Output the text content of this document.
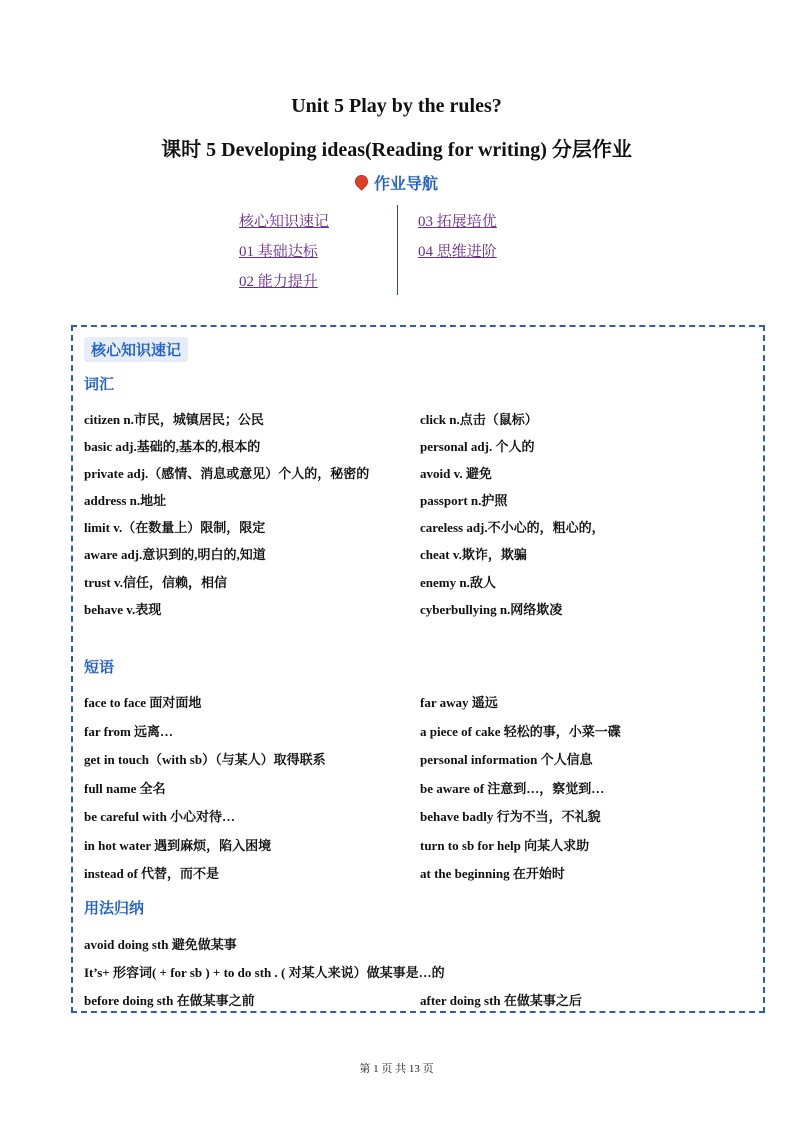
Unit 5 Play by the rules?
课时 5 Developing ideas(Reading for writing) 分层作业
作业导航
核心知识速记
01 基础达标
02 能力提升
03 拓展培优
04 思维进阶
核心知识速记
词汇
citizen n.市民，城镇居民；公民
basic adj.基础的,基本的,根本的
private adj.（感情、消息或意见）个人的，秘密的
address n.地址
limit v.（在数量上）限制，限定
aware adj.意识到的,明白的,知道
trust v.信任，信赖，相信
behave v.表现
click n.点击（鼠标）
personal adj. 个人的
avoid v. 避免
passport n.护照
careless adj.不小心的，粗心的，
cheat v.欺诈，欺骗
enemy n.敌人
cyberbullying n.网络欺凌
短语
face to face 面对面地
far from 远离…
get in touch（with sb）（与某人）取得联系
full name 全名
be careful with 小心对待…
in hot water 遇到麻烦，陷入困境
instead of 代替，而不是
far away 遥远
a piece of cake 轻松的事，小菜一碟
personal information 个人信息
be aware of 注意到…，察觉到…
behave badly 行为不当，不礼貌
turn to sb for help 向某人求助
at the beginning 在开始时
用法归纳
avoid doing sth 避免做某事
It’s+ 形容词( + for sb ) + to do sth . ( 对某人来说）做某事是…的
before doing sth 在做某事之前	after doing sth 在做某事之后
第 1 页 共 13 页
